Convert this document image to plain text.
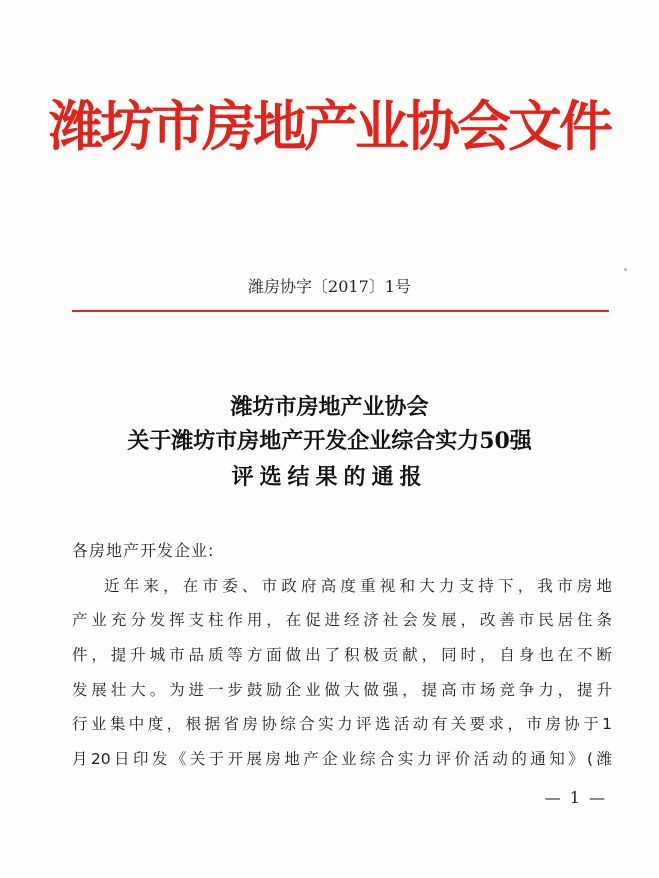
潍坊市房地产业协会文件
潍房协字〔2017〕1号
潍坊市房地产业协会
关于潍坊市房地产开发企业综合实力50强
评选结果的通报
各房地产开发企业:
近年来，在市委、市政府高度重视和大力支持下，我市房地
产业充分发挥支柱作用，在促进经济社会发展，改善市民居住条
件，提升城市品质等方面做出了积极贡献，同时，自身也在不断
发展壮大。为进一步鼓励企业做大做强，提高市场竞争力，提升
行业集中度，根据省房协综合实力评选活动有关要求，市房协于1
月20日印发《关于开展房地产企业综合实力评价活动的通知》(潍
— 1 —
